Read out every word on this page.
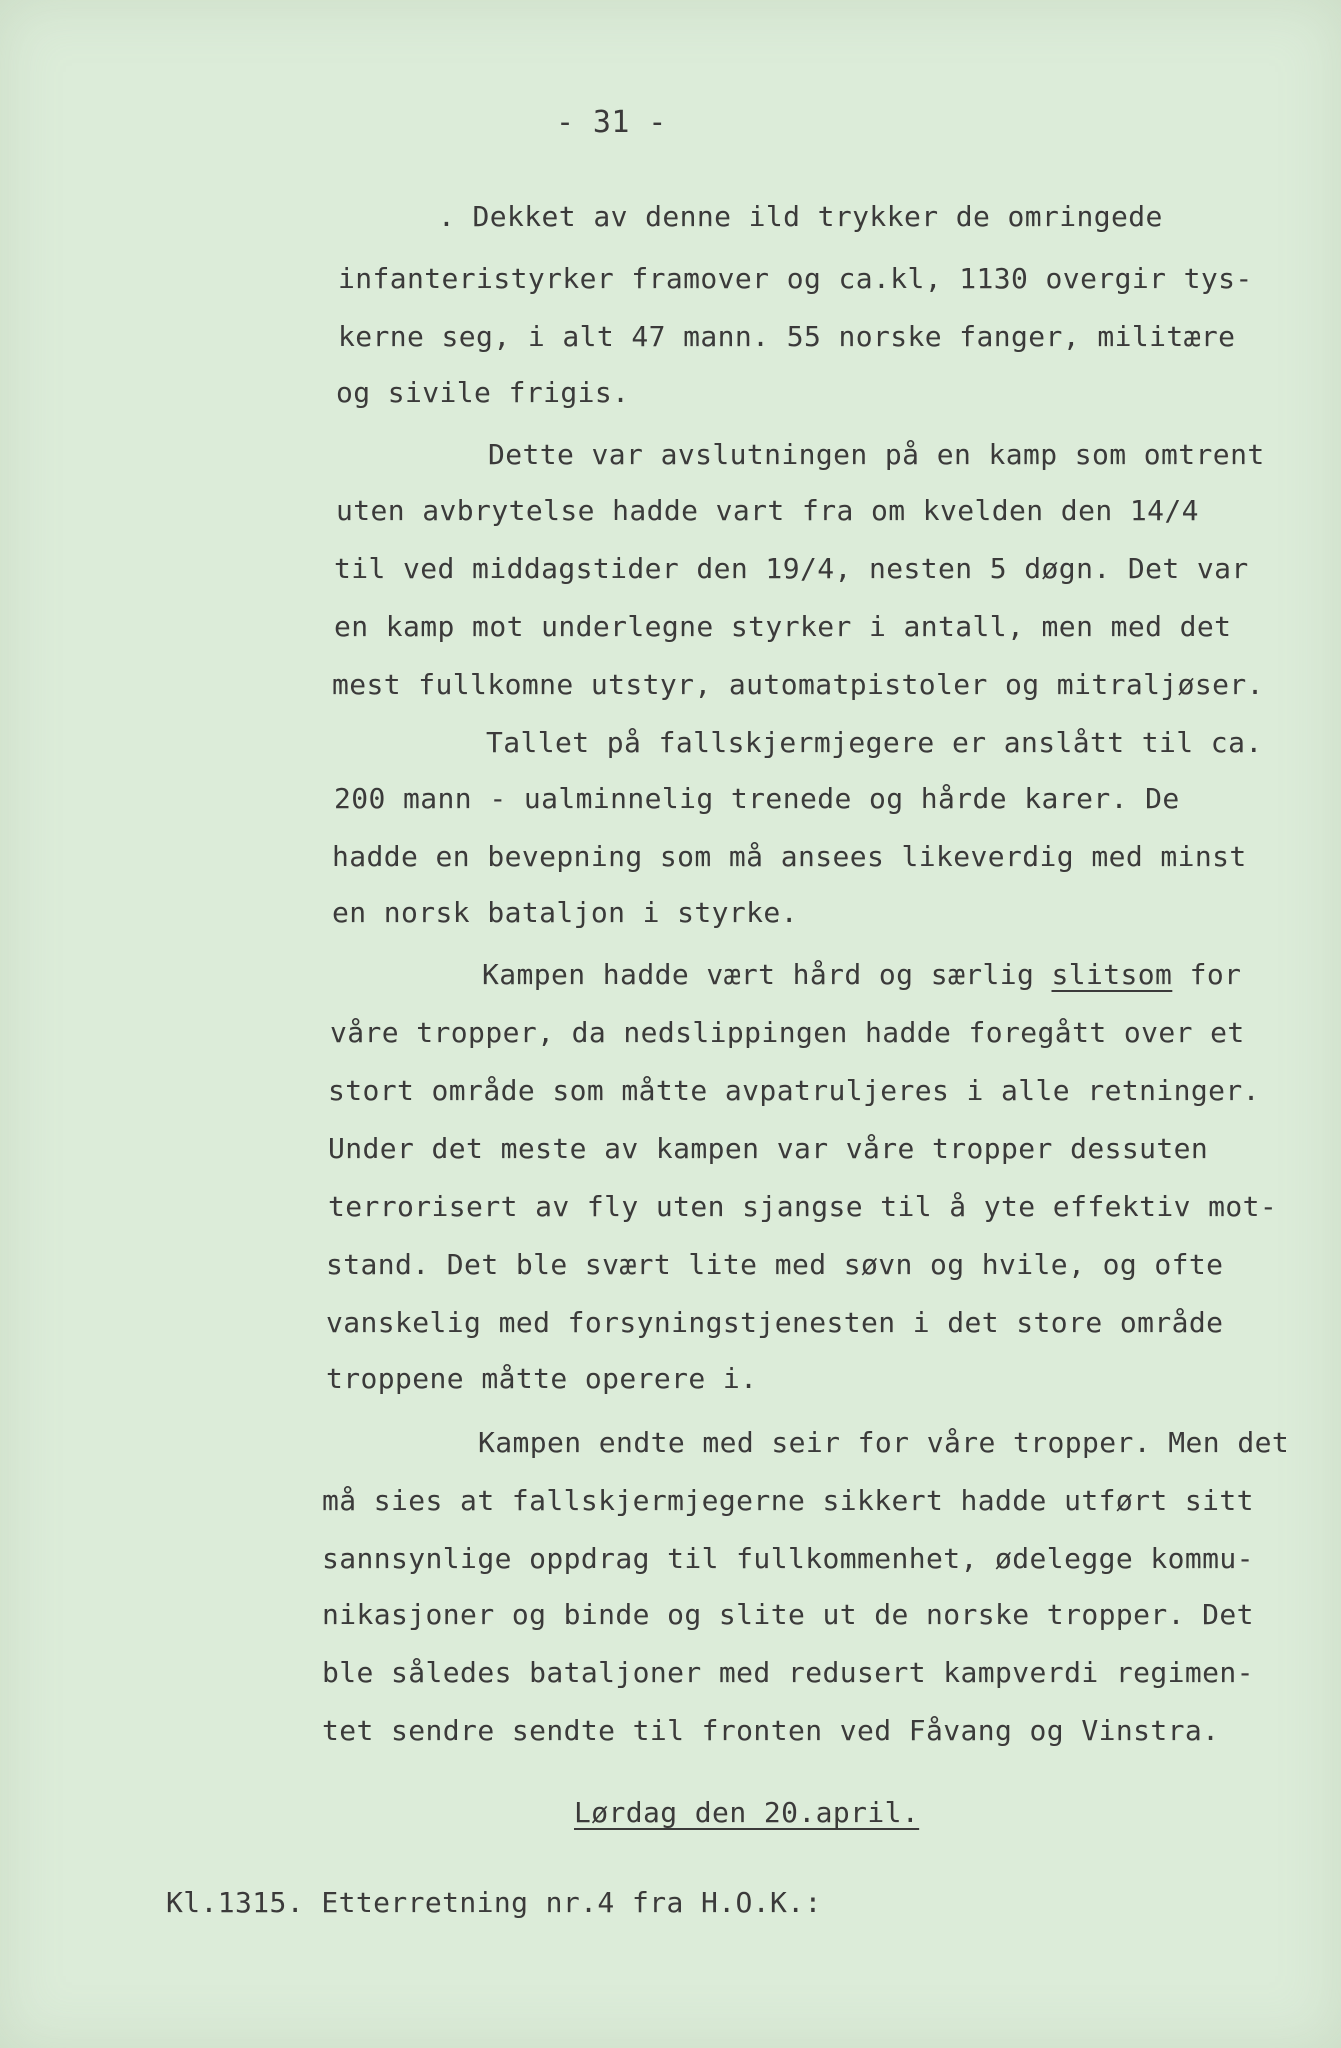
- 31 -
. Dekket av denne ild trykker de omringede
infanteristyrker framover og ca.kl, 1130 overgir tys-
kerne seg, i alt 47 mann. 55 norske fanger, militære
og sivile frigis.
Dette var avslutningen på en kamp som omtrent
uten avbrytelse hadde vart fra om kvelden den 14/4
til ved middagstider den 19/4, nesten 5 døgn. Det var
en kamp mot underlegne styrker i antall, men med det
mest fullkomne utstyr, automatpistoler og mitraljøser.
Tallet på fallskjermjegere er anslått til ca.
200 mann - ualminnelig trenede og hårde karer. De
hadde en bevepning som må ansees likeverdig med minst
en norsk bataljon i styrke.
Kampen hadde vært hård og særlig slitsom for
våre tropper, da nedslippingen hadde foregått over et
stort område som måtte avpatruljeres i alle retninger.
Under det meste av kampen var våre tropper dessuten
terrorisert av fly uten sjangse til å yte effektiv mot-
stand. Det ble svært lite med søvn og hvile, og ofte
vanskelig med forsyningstjenesten i det store område
troppene måtte operere i.
Kampen endte med seir for våre tropper. Men det
må sies at fallskjermjegerne sikkert hadde utført sitt
sannsynlige oppdrag til fullkommenhet, ødelegge kommu-
nikasjoner og binde og slite ut de norske tropper. Det
ble således bataljoner med redusert kampverdi regimen-
tet sendre sendte til fronten ved Fåvang og Vinstra.
Lørdag den 20.april.
Kl.1315. Etterretning nr.4 fra H.O.K.:
